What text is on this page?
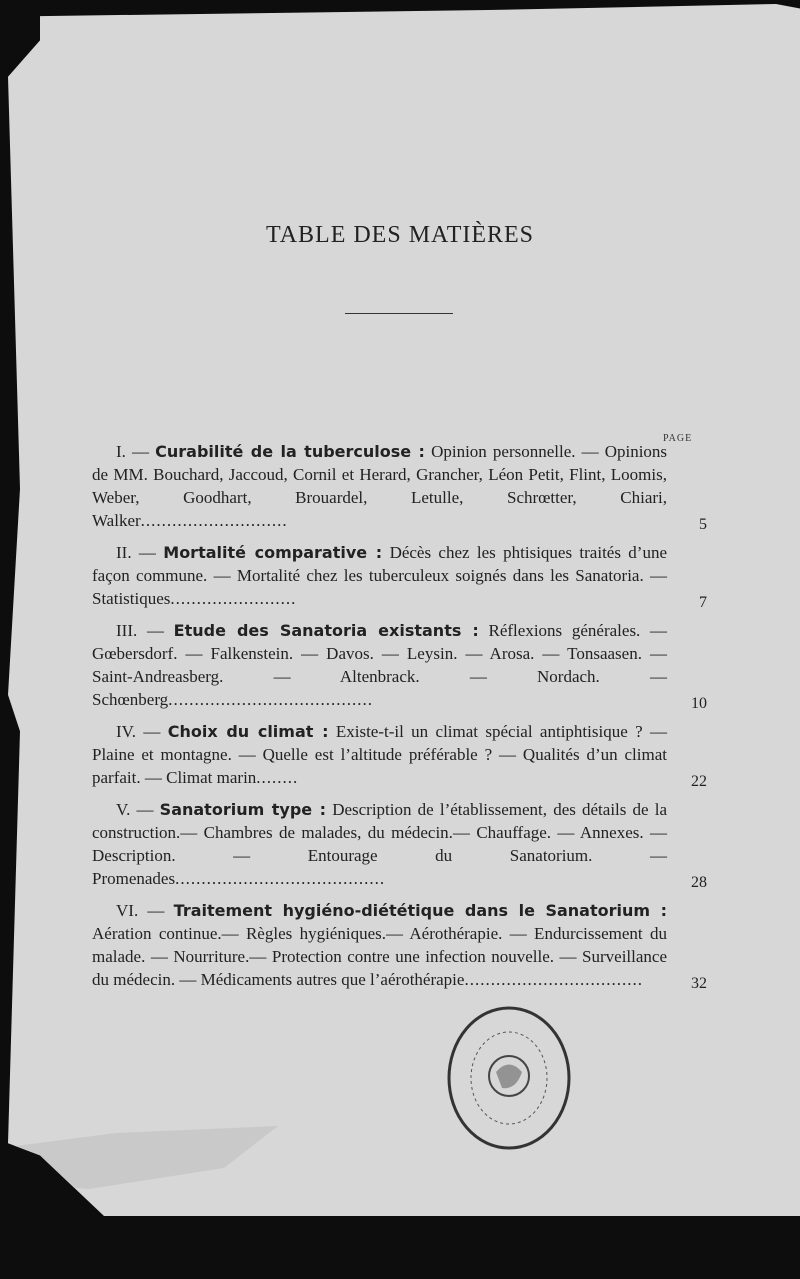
TABLE DES MATIÈRES
PAGE
I. — Curabilité de la tuberculose : Opinion personnelle. — Opinions de MM. Bouchard, Jaccoud, Cornil et Herard, Grancher, Léon Petit, Flint, Loomis, Weber, Goodhart, Brouardel, Letulle, Schrœtter, Chiari, Walker............................	5
II. — Mortalité comparative : Décès chez les phtisiques traités d’une façon commune. — Mortalité chez les tuberculeux soignés dans les Sanatoria. — Statistiques........................	7
III. — Etude des Sanatoria existants : Réflexions générales. — Gœbersdorf. — Falkenstein. — Davos. — Leysin. — Arosa. — Tonsaasen. — Saint-Andreasberg. — Altenbrack. — Nordach. — Schœnberg.......................................	10
IV. — Choix du climat : Existe-t-il un climat spécial antiphtisique ? — Plaine et montagne. — Quelle est l’altitude préférable ? — Qualités d’un climat parfait. — Climat marin........	22
V. — Sanatorium type : Description de l’établissement, des détails de la construction.— Chambres de malades, du médecin.— Chauffage. — Annexes. — Description. — Entourage du Sanatorium. — Promenades........................................	28
VI. — Traitement hygiéno-diététique dans le Sanatorium : Aération continue.— Règles hygiéniques.— Aérothérapie. — Endurcissement du malade. — Nourriture.— Protection contre une infection nouvelle. — Surveillance du médecin. — Médicaments autres que l’aérothérapie..................................	32
